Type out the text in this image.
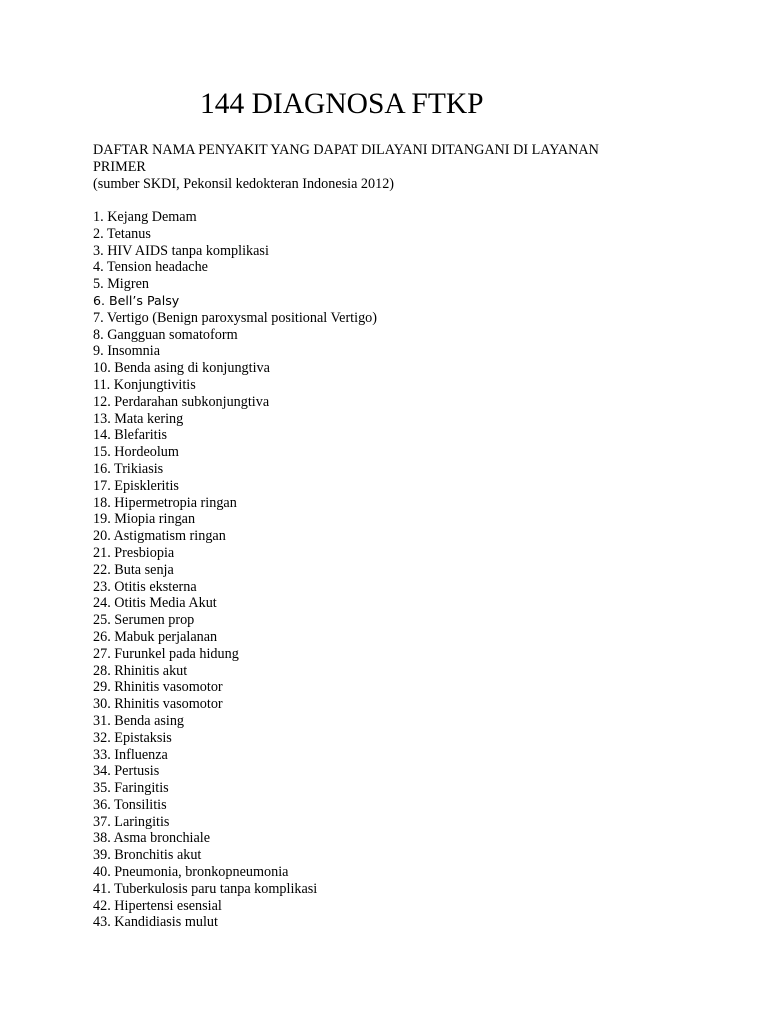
144 DIAGNOSA FTKP
DAFTAR NAMA PENYAKIT YANG DAPAT DILAYANI DITANGANI DI LAYANAN
PRIMER
(sumber SKDI, Pekonsil kedokteran Indonesia 2012)
1. Kejang Demam
2. Tetanus
3. HIV AIDS tanpa komplikasi
4. Tension headache
5. Migren
6. Bell’s Palsy
7. Vertigo (Benign paroxysmal positional Vertigo)
8. Gangguan somatoform
9. Insomnia
10. Benda asing di konjungtiva
11. Konjungtivitis
12. Perdarahan subkonjungtiva
13. Mata kering
14. Blefaritis
15. Hordeolum
16. Trikiasis
17. Episkleritis
18. Hipermetropia ringan
19. Miopia ringan
20. Astigmatism ringan
21. Presbiopia
22. Buta senja
23. Otitis eksterna
24. Otitis Media Akut
25. Serumen prop
26. Mabuk perjalanan
27. Furunkel pada hidung
28. Rhinitis akut
29. Rhinitis vasomotor
30. Rhinitis vasomotor
31. Benda asing
32. Epistaksis
33. Influenza
34. Pertusis
35. Faringitis
36. Tonsilitis
37. Laringitis
38. Asma bronchiale
39. Bronchitis akut
40. Pneumonia, bronkopneumonia
41. Tuberkulosis paru tanpa komplikasi
42. Hipertensi esensial
43. Kandidiasis mulut
